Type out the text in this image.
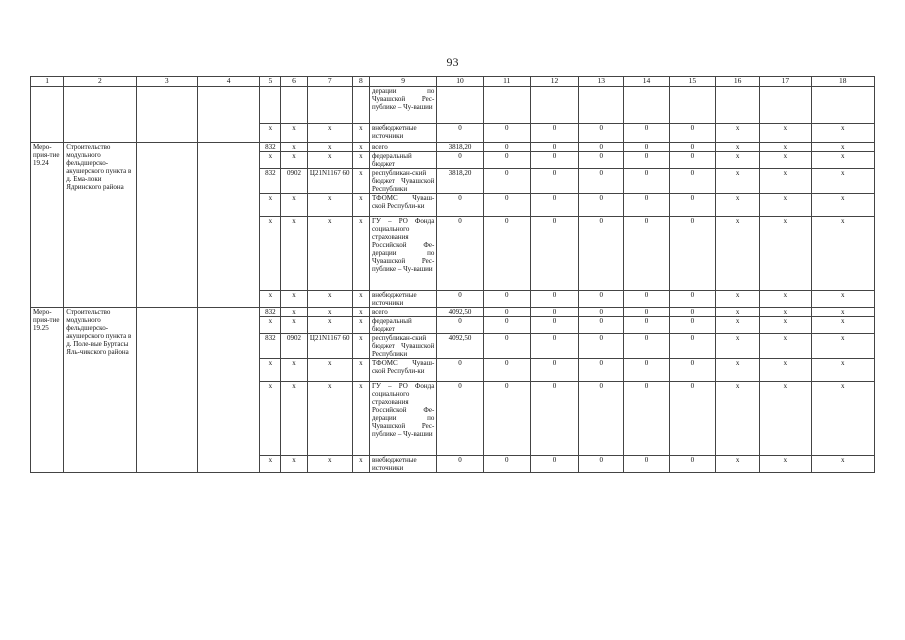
93
1	2	3	4	5	6	7	8	9	10	11	12	13	14	15	16	17	18
								дерации по Чувашской Рес-публике – Чу-вашии									
				x	x	x	x	внебюджетные источники	0	0	0	0	0	0	x	x	x
Меро-прия-тие 19.24	Строительство модульного фельдшерско-акушерского пункта в д. Ема-локи Ядринского района			832	x	x	x	всего	3818,20	0	0	0	0	0	x	x	x
				x	x	x	x	федеральный бюджет	0	0	0	0	0	0	x	x	x
				832	0902	Ц21N1167 60	x	республикан-ский бюджет Чувашской Республики	3818,20	0	0	0	0	0	x	x	x
				x	x	x	x	ТФОМС Чуваш-ской Республи-ки	0	0	0	0	0	0	x	x	x
				x	x	x	x	ГУ – РО Фонда социального страхования Российской Фе-дерации по Чувашской Рес-публике – Чу-вашии	0	0	0	0	0	0	x	x	x
				x	x	x	x	внебюджетные источники	0	0	0	0	0	0	x	x	x
Меро-прия-тие 19.25	Строительство модульного фельдшерско-акушерского пункта в д. Поле-вые Буртасы Яль-чикского района			832	x	x	x	всего	4092,50	0	0	0	0	0	x	x	x
				x	x	x	x	федеральный бюджет	0	0	0	0	0	0	x	x	x
				832	0902	Ц21N1167 60	x	республикан-ский бюджет Чувашской Республики	4092,50	0	0	0	0	0	x	x	x
				x	x	x	x	ТФОМС Чуваш-ской Республи-ки	0	0	0	0	0	0	x	x	x
				x	x	x	x	ГУ – РО Фонда социального страхования Российской Фе-дерации по Чувашской Рес-публике – Чу-вашии	0	0	0	0	0	0	x	x	x
				x	x	x	x	внебюджетные источники	0	0	0	0	0	0	x	x	x
